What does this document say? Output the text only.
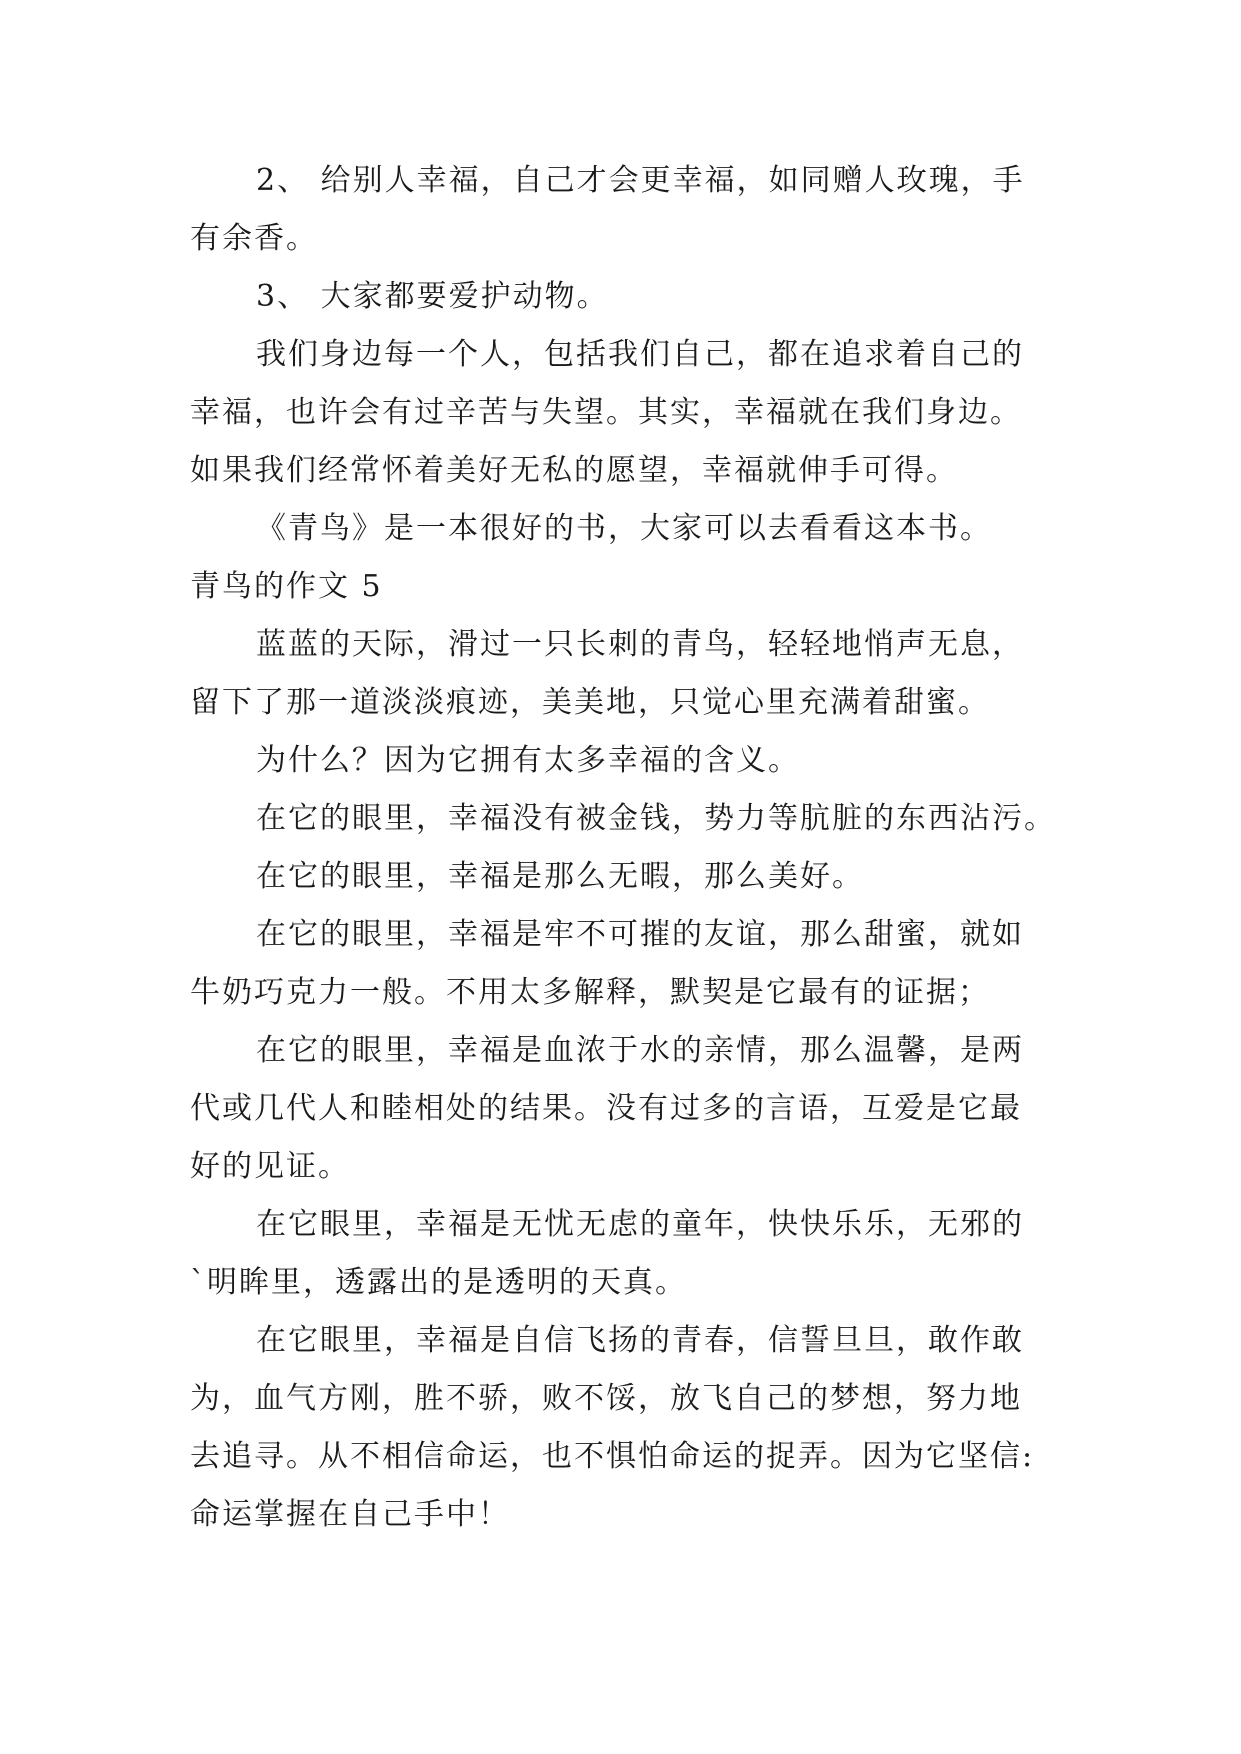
2、 给别人幸福，自己才会更幸福，如同赠人玫瑰，手
有余香。
3、 大家都要爱护动物。
我们身边每一个人，包括我们自己，都在追求着自己的
幸福，也许会有过辛苦与失望。其实，幸福就在我们身边。
如果我们经常怀着美好无私的愿望，幸福就伸手可得。
《青鸟》是一本很好的书，大家可以去看看这本书。
青鸟的作文 5
蓝蓝的天际，滑过一只长刺的青鸟，轻轻地悄声无息，
留下了那一道淡淡痕迹，美美地，只觉心里充满着甜蜜。
为什么？因为它拥有太多幸福的含义。
在它的眼里，幸福没有被金钱，势力等肮脏的东西沾污。
在它的眼里，幸福是那么无暇，那么美好。
在它的眼里，幸福是牢不可摧的友谊，那么甜蜜，就如
牛奶巧克力一般。不用太多解释，默契是它最有的证据；
在它的眼里，幸福是血浓于水的亲情，那么温馨，是两
代或几代人和睦相处的结果。没有过多的言语，互爱是它最
好的见证。
在它眼里，幸福是无忧无虑的童年，快快乐乐，无邪的
`明眸里，透露出的是透明的天真。
在它眼里，幸福是自信飞扬的青春，信誓旦旦，敢作敢
为，血气方刚，胜不骄，败不馁，放飞自己的梦想，努力地
去追寻。从不相信命运，也不惧怕命运的捉弄。因为它坚信:
命运掌握在自己手中！
